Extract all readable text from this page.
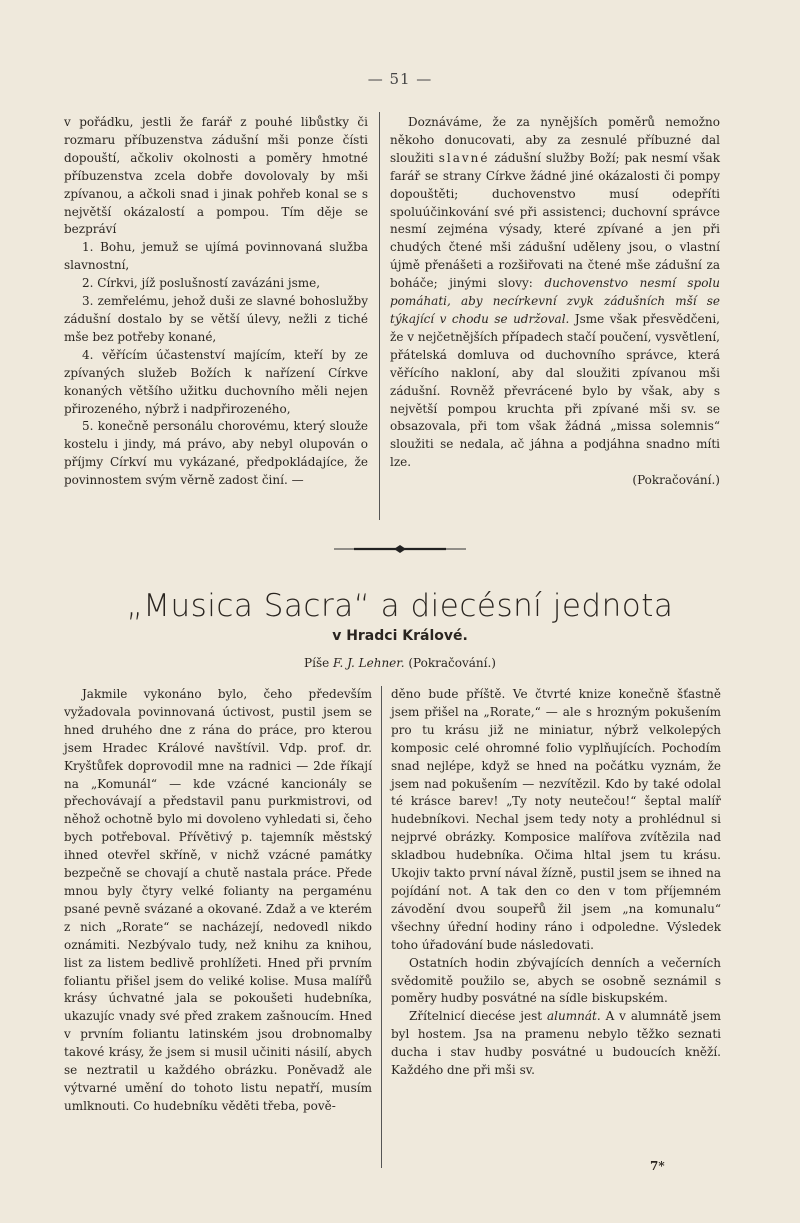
— 51 —

v pořádku, jestli že farář z pouhé libůstky či rozmaru příbuzenstva zádušní mši ponze čísti dopouští, ačkoliv okolnosti a poměry hmotné příbuzenstva zcela dobře dovolovaly by mši zpívanou, a ačkoli snad i jinak pohřeb konal se s největší okázalostí a pompou. Tím děje se bezpráví

1. Bohu, jemuž se ujímá povinnovaná služba slavnostní,

2. Církvi, jíž poslušností zavázáni jsme,

3. zemřelému, jehož duši ze slavné bohoslužby zádušní dostalo by se větší úlevy, nežli z tiché mše bez potřeby konané,

4. věřícím účastenství majícím, kteří by ze zpívaných služeb Božích k nařízení Církve konaných většího užitku duchovního měli nejen přirozeného, nýbrž i nadpřirozeného,

5. konečně personálu chorovému, který slouže kostelu i jindy, má právo, aby nebyl olupován o příjmy Církví mu vykázané, předpokládajíce, že povinnostem svým věrně zadost činí. —

Doznáváme, že za nynějších poměrů nemožno někoho donucovati, aby za zesnulé příbuzné dal sloužiti slavné zádušní služby Boží; pak nesmí však farář se strany Církve žádné jiné okázalosti či pompy dopouštěti; duchovenstvo musí odepříti spoluúčinkování své při assistenci; duchovní správce nesmí zejména výsady, které zpívané a jen při chudých čtené mši zádušní uděleny jsou, o vlastní újmě přenášeti a rozšiřovati na čtené mše zádušní za boháče; jinými slovy: duchovenstvo nesmí spolu pomáhati, aby necírkevní zvyk zádušních mší se týkající v chodu se udržoval. Jsme však přesvědčeni, že v nejčetnějších případech stačí poučení, vysvětlení, přátelská domluva od duchovního správce, která věřícího nakloní, aby dal sloužiti zpívanou mši zádušní. Rovněž převrácené bylo by však, aby s největší pompou kruchta při zpívané mši sv. se obsazovala, při tom však žádná „missa solemnis“ sloužiti se nedala, ač jáhna a podjáhna snadno míti lze.

(Pokračování.)

„Musica Sacra“ a diecésní jednota
v Hradci Králové.
Píše F. J. Lehner. (Pokračování.)

Jakmile vykonáno bylo, čeho především vyžadovala povinnovaná úctivost, pustil jsem se hned druhého dne z rána do práce, pro kterou jsem Hradec Králové navštívil. Vdp. prof. dr. Kryštůfek doprovodil mne na radnici — 2de říkají na „Komunál“ — kde vzácné kancionály se přechovávají a představil panu purkmistrovi, od něhož ochotně bylo mi dovoleno vyhledati si, čeho bych potřeboval. Přívětivý p. tajemník městský ihned otevřel skříně, v nichž vzácné památky bezpečně se chovají a chutě nastala práce. Přede mnou byly čtyry velké folianty na pergaménu psané pevně svázané a okované. Zdaž a ve kterém z nich „Rorate“ se nacházejí, nedovedl nikdo oznámiti. Nezbývalo tudy, než knihu za knihou, list za listem bedlivě prohlížeti. Hned při prvním foliantu přišel jsem do veliké kolise. Musa malířů krásy úchvatné jala se pokoušeti hudebníka, ukazujíc vnady své před zrakem zašnoucím. Hned v prvním foliantu latinském jsou drobnomalby takové krásy, že jsem si musil učiniti násilí, abych se neztratil u každého obrázku. Poněvadž ale výtvarné umění do tohoto listu nepatří, musím umlknouti. Co hudebníku věděti třeba, pově-

děno bude příště. Ve čtvrté knize konečně šťastně jsem přišel na „Rorate,“ — ale s hrozným pokušením pro tu krásu již ne miniatur, nýbrž velkolepých komposic celé ohromné folio vyplňujících. Pochodím snad nejlépe, když se hned na počátku vyznám, že jsem nad pokušením — nezvítězil. Kdo by také odolal té krásce barev! „Ty noty neutečou!“ šeptal malíř hudebníkovi. Nechal jsem tedy noty a prohlédnul si nejprvé obrázky. Komposice malířova zvítězila nad skladbou hudebníka. Očima hltal jsem tu krásu. Ukojiv takto první nával žízně, pustil jsem se ihned na pojídání not. A tak den co den v tom příjemném závodění dvou soupeřů žil jsem „na komunalu“ všechny úřední hodiny ráno i odpoledne. Výsledek toho úřadování bude následovati.

Ostatních hodin zbývajících denních a večerních svědomitě použilo se, abych se osobně seznámil s poměry hudby posvátné na sídle biskupském.

Zřítelnicí diecése jest alumnát. A v alumnátě jsem byl hostem. Jsa na pramenu nebylo těžko seznati ducha i stav hudby posvátné u budoucích kněží. Každého dne při mši sv.

7*
